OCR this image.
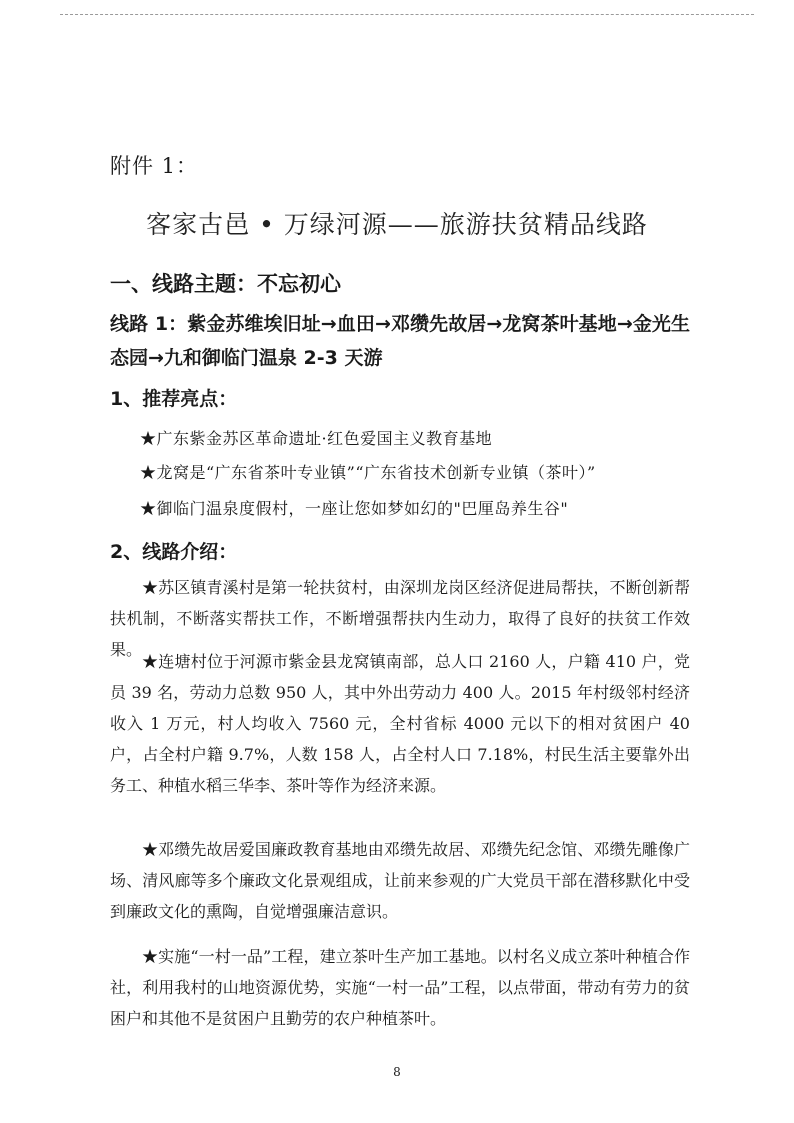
附件 1：
客家古邑 • 万绿河源——旅游扶贫精品线路
一、线路主题：不忘初心
线路 1：紫金苏维埃旧址→血田→邓缵先故居→龙窝茶叶基地→金光生态园→九和御临门温泉 2-3 天游
1、推荐亮点：
★广东紫金苏区革命遗址·红色爱国主义教育基地
★龙窝是“广东省茶叶专业镇”“广东省技术创新专业镇（茶叶）”
★御临门温泉度假村，一座让您如梦如幻的"巴厘岛养生谷"
2、线路介绍：
★苏区镇青溪村是第一轮扶贫村，由深圳龙岗区经济促进局帮扶，不断创新帮扶机制，不断落实帮扶工作，不断增强帮扶内生动力，取得了良好的扶贫工作效果。
★连塘村位于河源市紫金县龙窝镇南部，总人口 2160 人，户籍 410 户，党员 39 名，劳动力总数 950 人，其中外出劳动力 400 人。2015 年村级邻村经济收入 1 万元，村人均收入 7560 元，全村省标 4000 元以下的相对贫困户 40 户，占全村户籍 9.7%，人数 158 人，占全村人口 7.18%，村民生活主要靠外出务工、种植水稻三华李、茶叶等作为经济来源。
★邓缵先故居爱国廉政教育基地由邓缵先故居、邓缵先纪念馆、邓缵先雕像广场、清风廊等多个廉政文化景观组成，让前来参观的广大党员干部在潜移默化中受到廉政文化的熏陶，自觉增强廉洁意识。
★实施“一村一品”工程，建立茶叶生产加工基地。以村名义成立茶叶种植合作社，利用我村的山地资源优势，实施“一村一品”工程，以点带面，带动有劳力的贫困户和其他不是贫困户且勤劳的农户种植茶叶。
8
